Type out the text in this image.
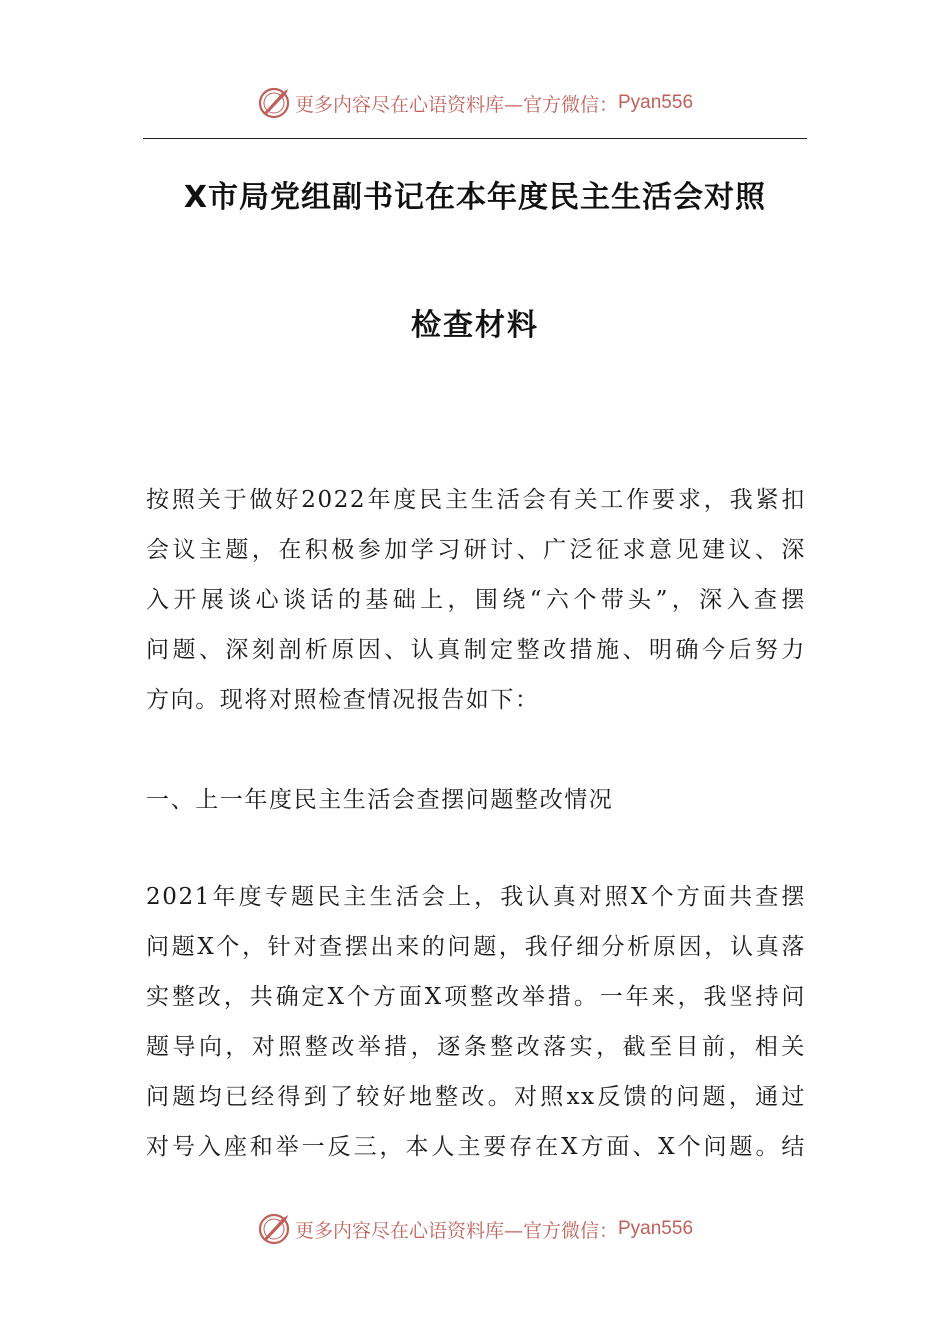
更多内容尽在心语资料库—官方微信： Pyan556
X市局党组副书记在本年度民主生活会对照
检查材料
按照关于做好2022年度民主生活会有关工作要求，我紧扣
会议主题，在积极参加学习研讨、广泛征求意见建议、深
入开展谈心谈话的基础上，围绕“六个带头”，深入查摆
问题、深刻剖析原因、认真制定整改措施、明确今后努力
方向。现将对照检查情况报告如下：
一、上一年度民主生活会查摆问题整改情况
2021年度专题民主生活会上，我认真对照X个方面共查摆
问题X个，针对查摆出来的问题，我仔细分析原因，认真落
实整改，共确定X个方面X项整改举措。一年来，我坚持问
题导向，对照整改举措，逐条整改落实，截至目前，相关
问题均已经得到了较好地整改。对照xx反馈的问题，通过
对号入座和举一反三，本人主要存在X方面、X个问题。结
更多内容尽在心语资料库—官方微信： Pyan556
